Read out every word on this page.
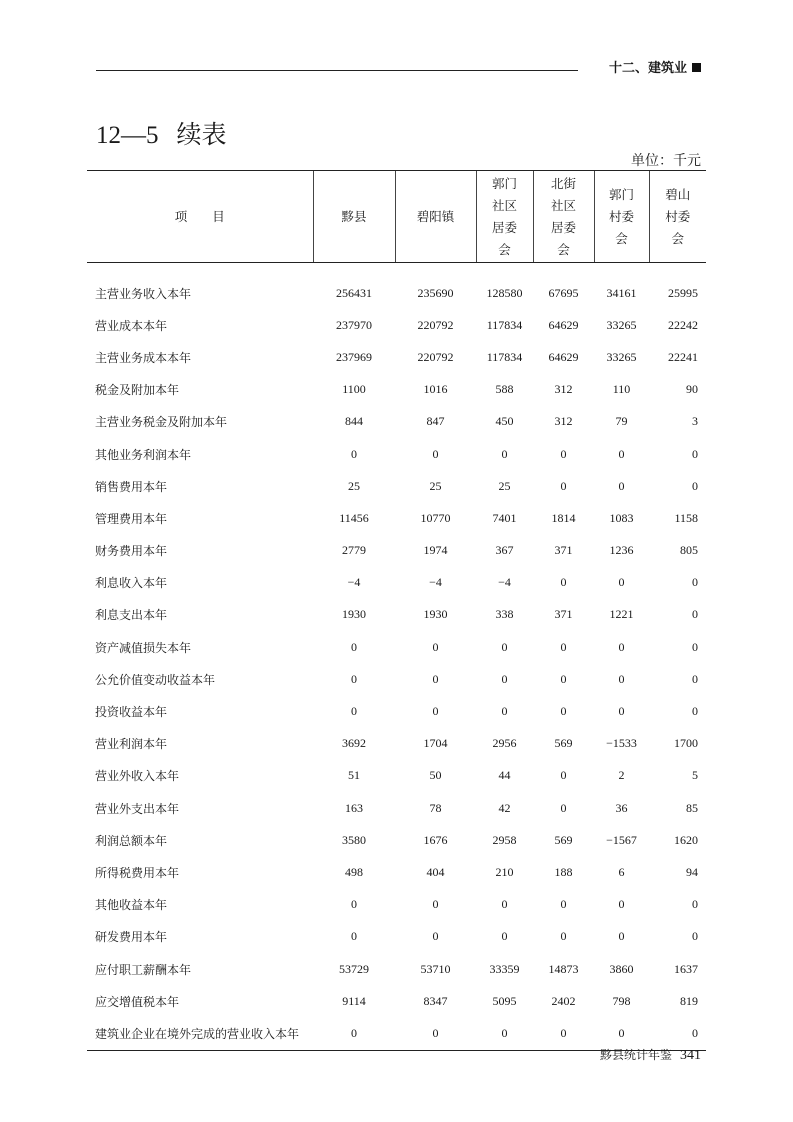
十二、建筑业
12—5 续表
单位：千元
项　　目	黟县	碧阳镇	郭门社区居委会	北街社区居委会	郭门村委会	碧山村委会

主营业务收入本年	256431	235690	128580	67695	34161	25995
营业成本本年	237970	220792	117834	64629	33265	22242
主营业务成本本年	237969	220792	117834	64629	33265	22241
税金及附加本年	1100	1016	588	312	110	90
主营业务税金及附加本年	844	847	450	312	79	3
其他业务利润本年	0	0	0	0	0	0
销售费用本年	25	25	25	0	0	0
管理费用本年	11456	10770	7401	1814	1083	1158
财务费用本年	2779	1974	367	371	1236	805
利息收入本年	−4	−4	−4	0	0	0
利息支出本年	1930	1930	338	371	1221	0
资产减值损失本年	0	0	0	0	0	0
公允价值变动收益本年	0	0	0	0	0	0
投资收益本年	0	0	0	0	0	0
营业利润本年	3692	1704	2956	569	−1533	1700
营业外收入本年	51	50	44	0	2	5
营业外支出本年	163	78	42	0	36	85
利润总额本年	3580	1676	2958	569	−1567	1620
所得税费用本年	498	404	210	188	6	94
其他收益本年	0	0	0	0	0	0
研发费用本年	0	0	0	0	0	0
应付职工薪酬本年	53729	53710	33359	14873	3860	1637
应交增值税本年	9114	8347	5095	2402	798	819
建筑业企业在境外完成的营业收入本年	0	0	0	0	0	0
黟县统计年鉴 341
